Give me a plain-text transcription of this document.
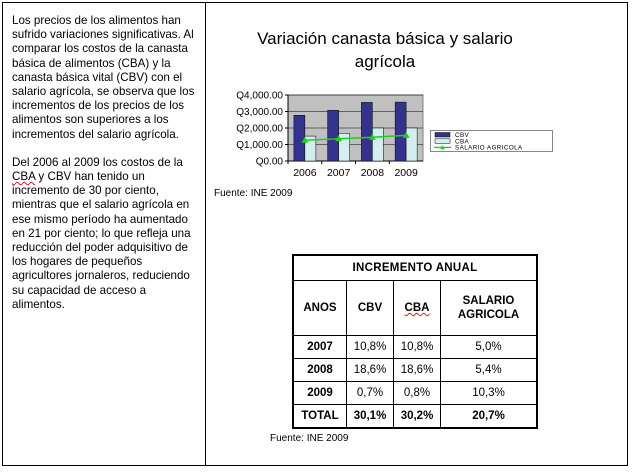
Los precios de los alimentos han sufrido variaciones significativas. Al comparar los costos de la canasta básica de alimentos (CBA) y la canasta básica vital (CBV) con el salario agrícola, se observa que los incrementos de los precios de los alimentos son superiores a los incrementos del salario agrícola.

Del 2006 al 2009 los costos de la CBA y CBV han tenido un incremento de 30 por ciento, mientras que el salario agrícola en ese mismo período ha aumentado en 21 por ciento; lo que refleja una reducción del poder adquisitivo de los hogares de pequeños agricultores jornaleros, reduciendo su capacidad de acceso a alimentos.

Variación canasta básica y salario
agrícola
Q4,000.00
Q3,000.00
Q2,000.00
Q1,000.00
Q0.00
2006 2007 2008 2009
CBV
CBA
SALARIO AGRICOLA
Fuente: INE 2009
INCREMENTO ANUAL			
ANOS	CBV	CBA	SALARIO
AGRICOLA

2007	10,8%	10,8%	5,0%
2008	18,6%	18,6%	5,4%
2009	0,7%	0,8%	10,3%
TOTAL	30,1%	30,2%	20,7%
Fuente: INE 2009
